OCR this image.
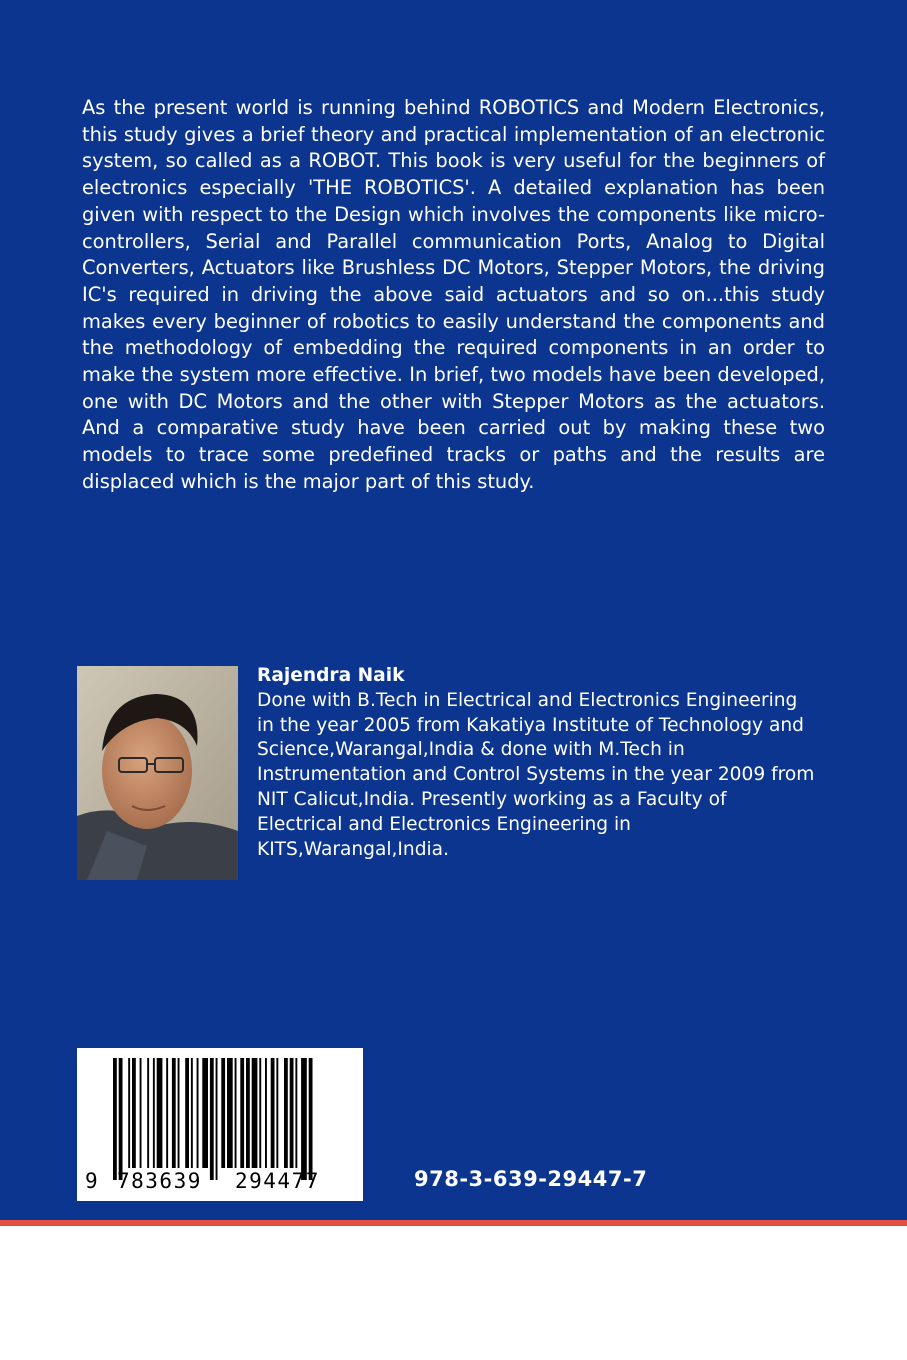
As the present world is running behind ROBOTICS and Modern Electronics, this study gives a brief theory and practical implementation of an electronic system, so called as a ROBOT. This book is very useful for the beginners of electronics especially 'THE ROBOTICS'. A detailed explanation has been given with respect to the Design which involves the components like micro-controllers, Serial and Parallel communication Ports, Analog to Digital Converters, Actuators like Brushless DC Motors, Stepper Motors, the driving IC's required in driving the above said actuators and so on...this study makes every beginner of robotics to easily understand the components and the methodology of embedding the required components in an order to make the system more effective. In brief, two models have been developed, one with DC Motors and the other with Stepper Motors as the actuators. And a comparative study have been carried out by making these two models to trace some predefined tracks or paths and the results are displaced which is the major part of this study.

Rajendra Naik
Done with B.Tech in Electrical and Electronics Engineering
in the year 2005 from Kakatiya Institute of Technology and
Science,Warangal,India & done with M.Tech in
Instrumentation and Control Systems in the year 2009 from
NIT Calicut,India. Presently working as a Faculty of
Electrical and Electronics Engineering in
KITS,Warangal,India.
9 783639 294477	978-3-639-29447-7
